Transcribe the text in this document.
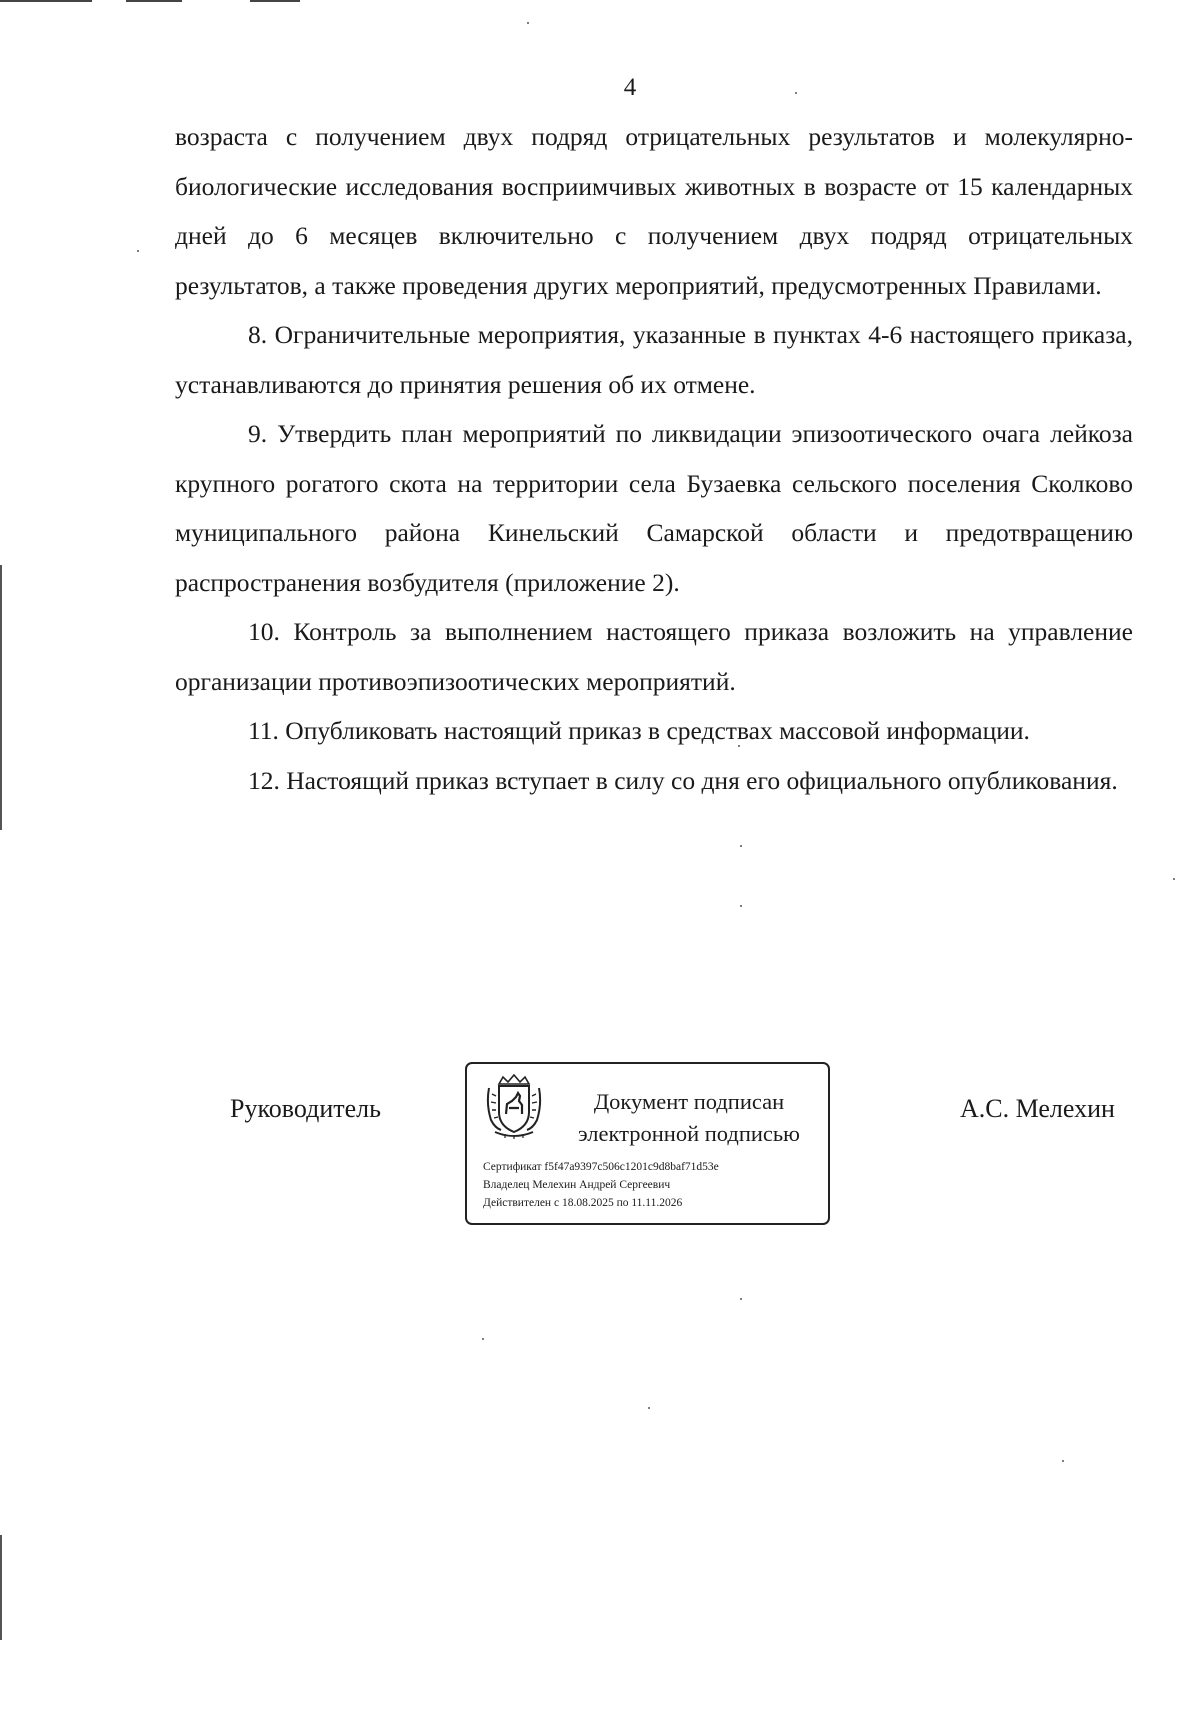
4

возраста с получением двух подряд отрицательных результатов и молекулярно-биологические исследования восприимчивых животных в возрасте от 15 календарных дней до 6 месяцев включительно с получением двух подряд отрицательных результатов, а также проведения других мероприятий, предусмотренных Правилами.

8. Ограничительные мероприятия, указанные в пунктах 4-6 настоящего приказа, устанавливаются до принятия решения об их отмене.

9. Утвердить план мероприятий по ликвидации эпизоотического очага лейкоза крупного рогатого скота на территории села Бузаевка сельского поселения Сколково муниципального района Кинельский Самарской области и предотвращению распространения возбудителя (приложение 2).

10. Контроль за выполнением настоящего приказа возложить на управление организации противоэпизоотических мероприятий.

11. Опубликовать настоящий приказ в средствах массовой информации.

12. Настоящий приказ вступает в силу со дня его официального опубликования.

Руководитель	Документ подписан
электронной подписью
Сертификат f5f47a9397c506c1201c9d8baf71d53e
Владелец Мелехин Андрей Сергеевич
Действителен с 18.08.2025 по 11.11.2026
А.С. Мелехин
